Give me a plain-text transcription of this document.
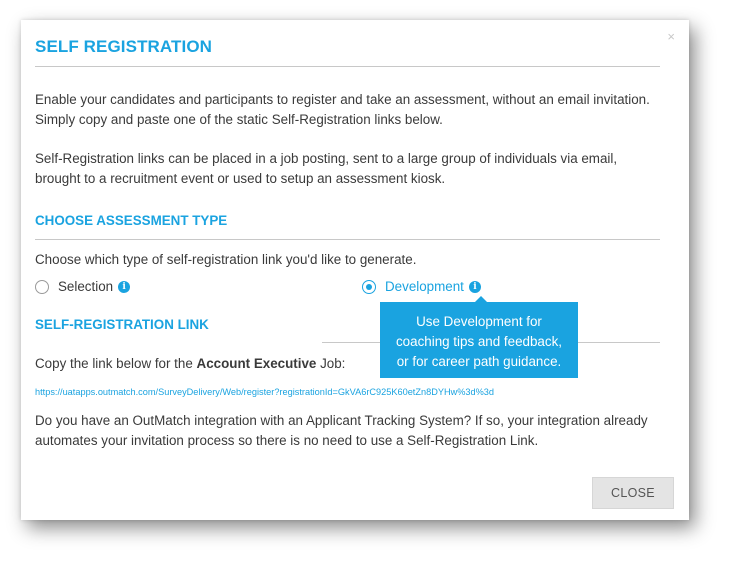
×
SELF REGISTRATION
Enable your candidates and participants to register and take an assessment, without an email invitation. Simply copy and paste one of the static Self-Registration links below.
Self-Registration links can be placed in a job posting, sent to a large group of individuals via email, brought to a recruitment event or used to setup an assessment kiosk.
CHOOSE ASSESSMENT TYPE
Choose which type of self-registration link you'd like to generate.
Selection	i	Development	i
SELF-REGISTRATION LINK
Copy the link below for the Account Executive Job:
https://uatapps.outmatch.com/SurveyDelivery/Web/register?registrationId=GkVA6rC925K60etZn8DYHw%3d%3d
Do you have an OutMatch integration with an Applicant Tracking System? If so, your integration already automates your invitation process so there is no need to use a Self-Registration Link.
CLOSE
Use Development for
coaching tips and feedback,
or for career path guidance.
